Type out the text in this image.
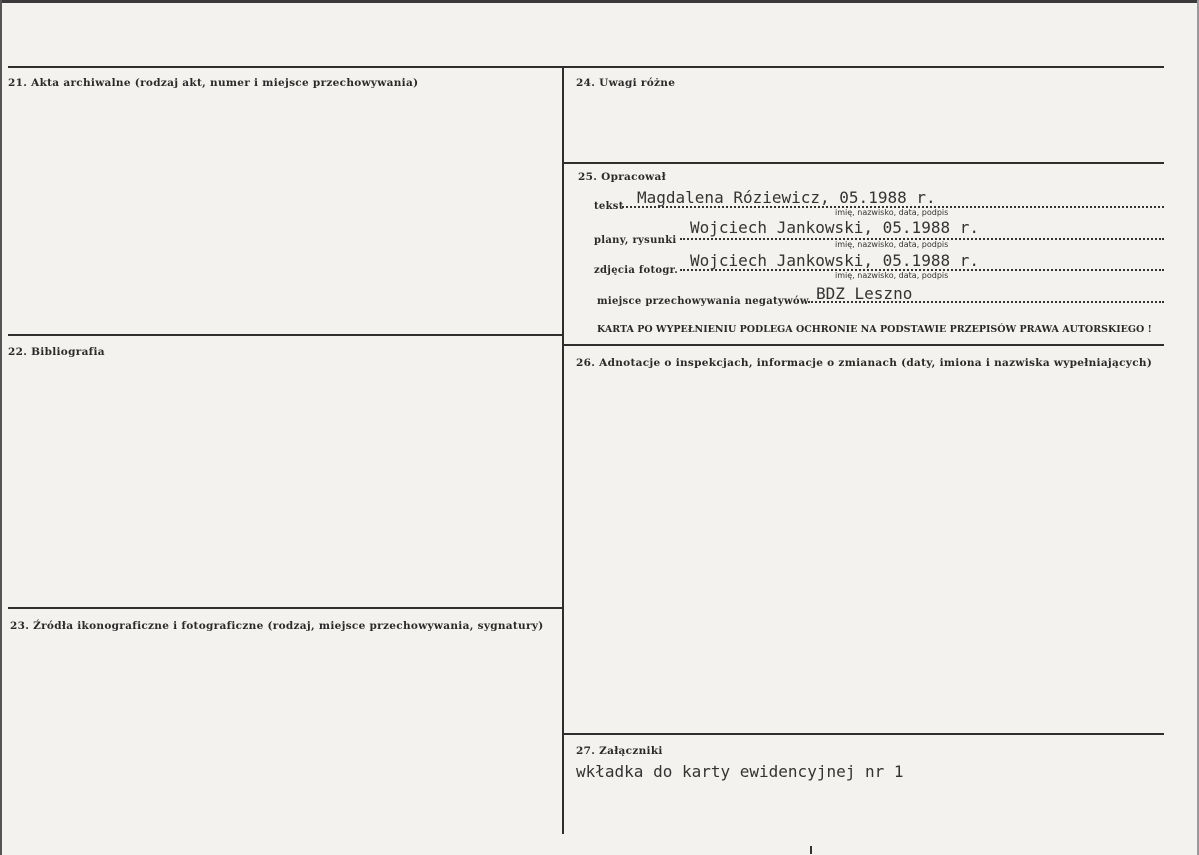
21. Akta archiwalne (rodzaj akt, numer i miejsce przechowywania)
22. Bibliografia
23. Źródła ikonograficzne i fotograficzne (rodzaj, miejsce przechowywania, sygnatury)
24. Uwagi różne
25. Opracował
tekst Magdalena Róziewicz, 05.1988 r.
imię, nazwisko, data, podpis
plany, rysunki
Wojciech Jankowski, 05.1988 r.
imię, nazwisko, data, podpis
zdjęcia fotogr.
Wojciech Jankowski, 05.1988 r.
imię, nazwisko, data, podpis
miejsce przechowywania negatywów BDZ Leszno
KARTA PO WYPEŁNIENIU PODLEGA OCHRONIE NA PODSTAWIE PRZEPISÓW PRAWA AUTORSKIEGO !
26. Adnotacje o inspekcjach, informacje o zmianach (daty, imiona i nazwiska wypełniających)
27. Załączniki
wkładka do karty ewidencyjnej nr 1
